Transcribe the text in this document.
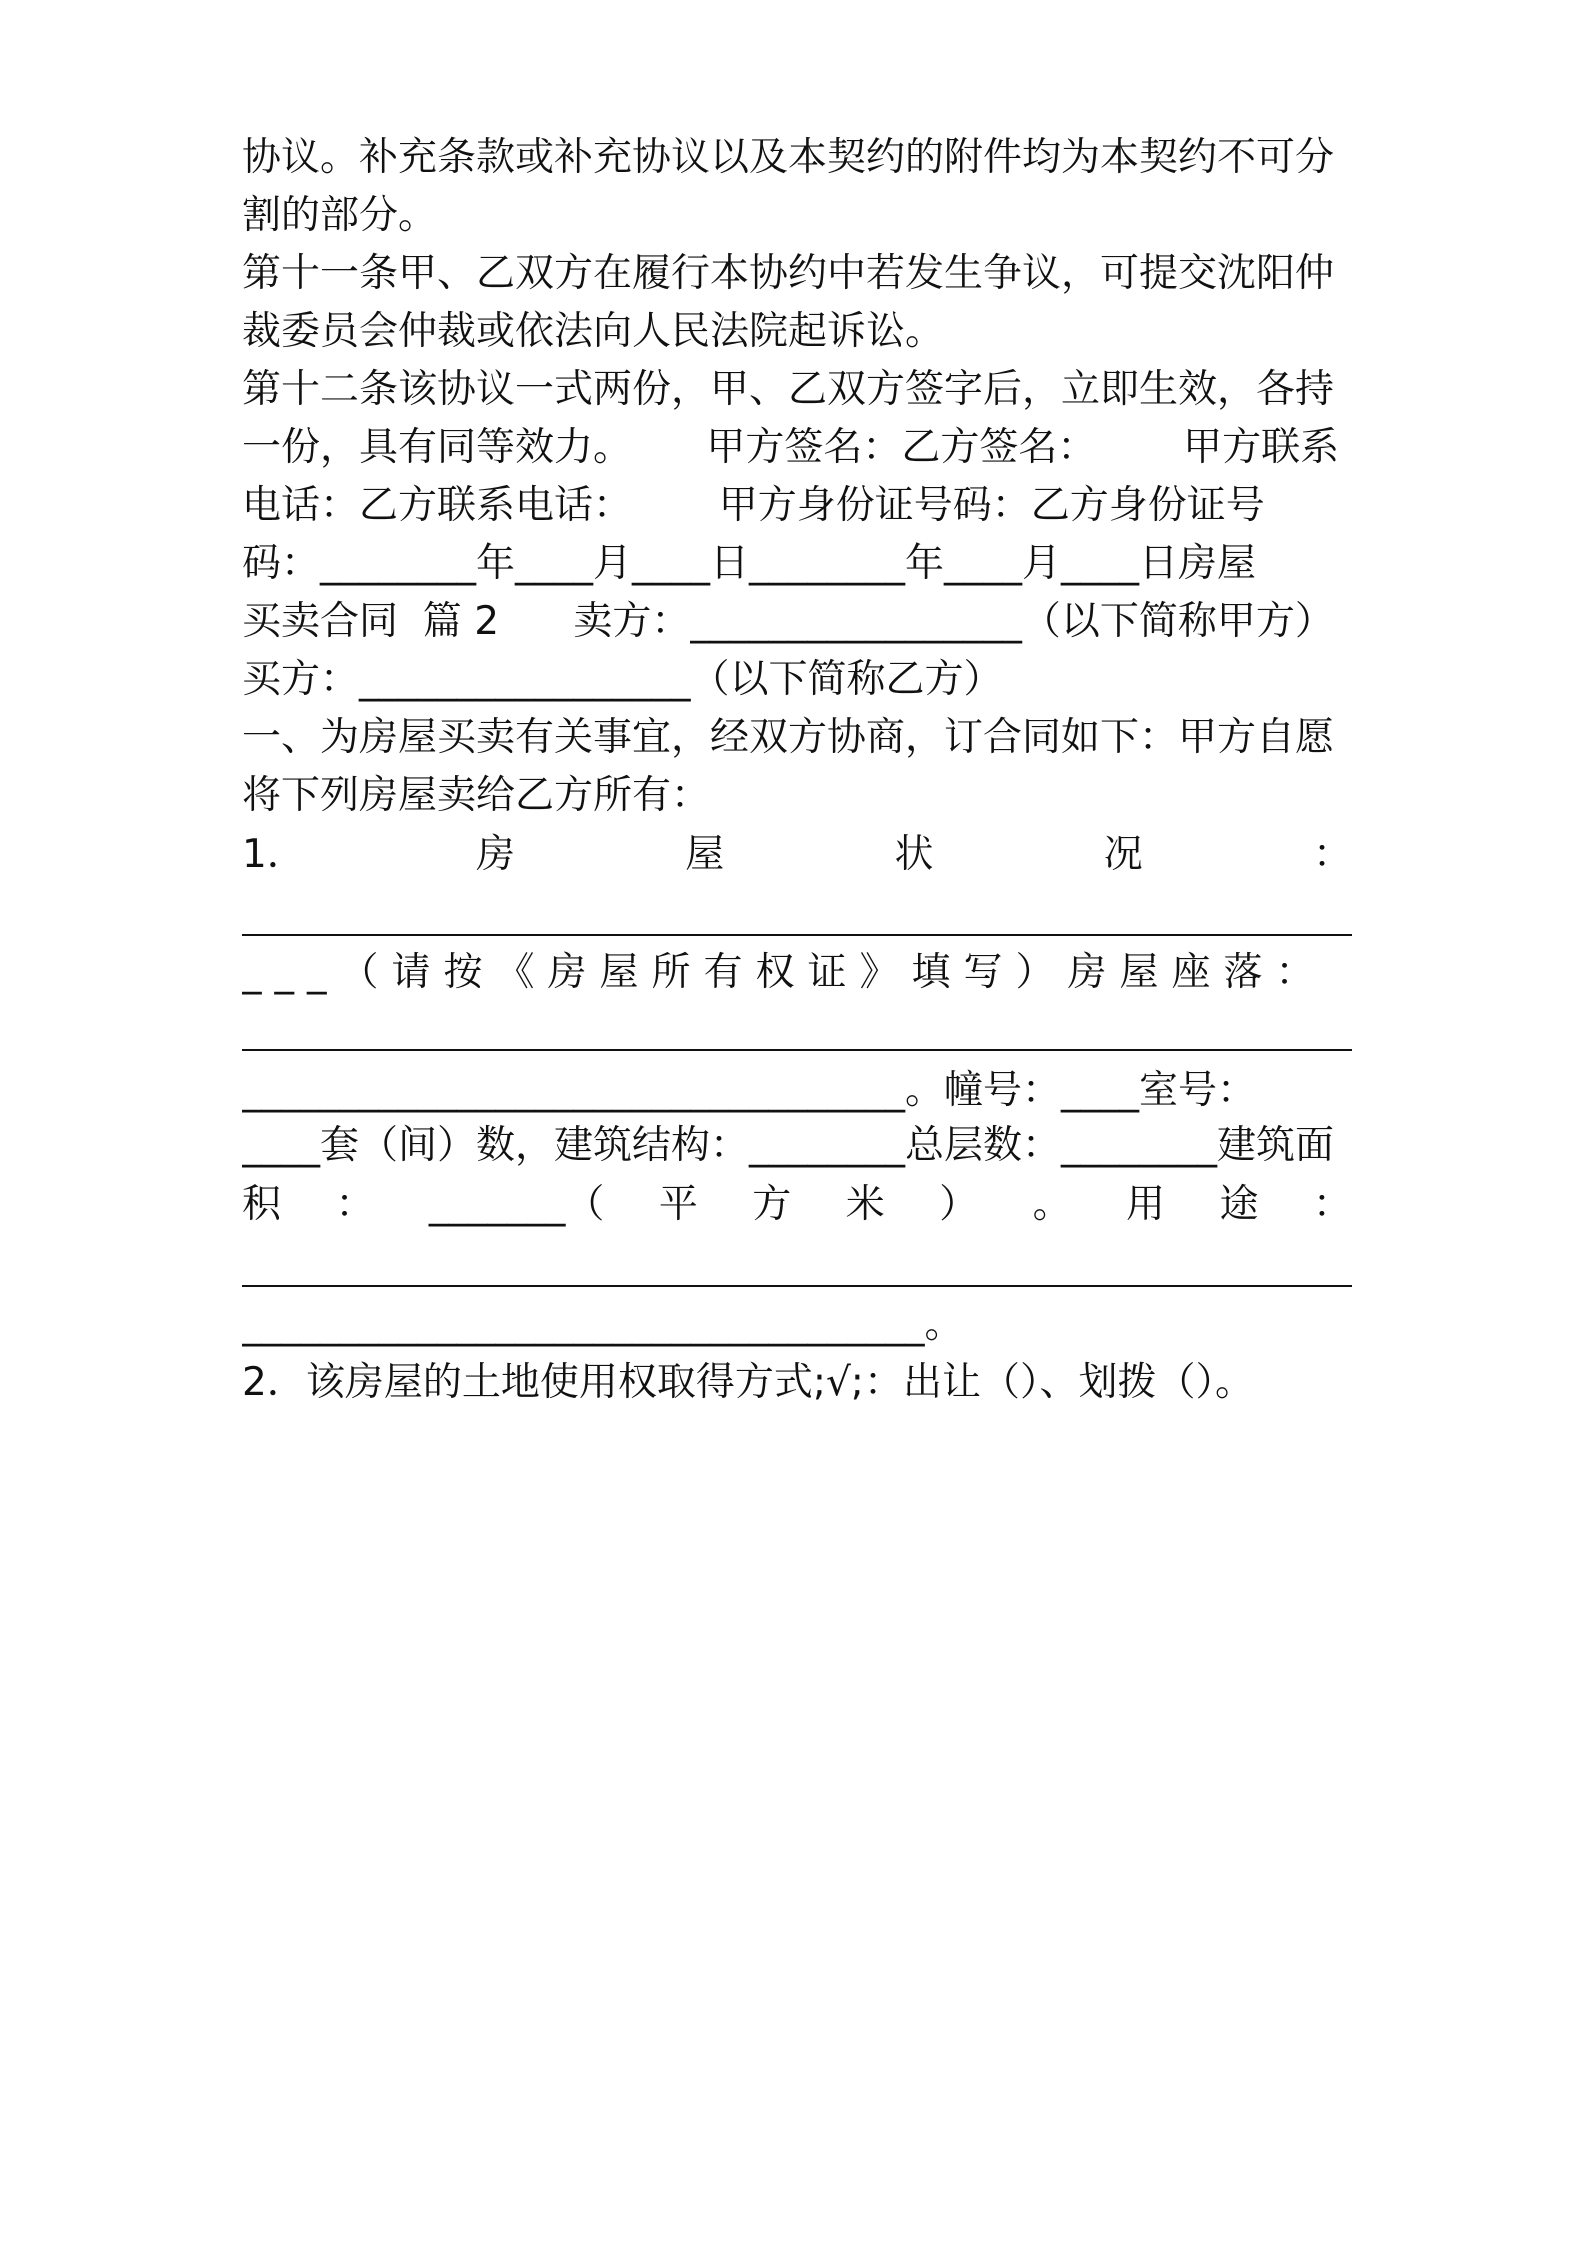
协议。补充条款或补充协议以及本契约的附件均为本契约不可分
割的部分。
第十一条甲、乙双方在履行本协约中若发生争议，可提交沈阳仲
裁委员会仲裁或依法向人民法院起诉讼。
第十二条该协议一式两份，甲、乙双方签字后，立即生效，各持
一份，具有同等效力。      甲方签名：乙方签名：       甲方联系
电话：乙方联系电话：       甲方身份证号码：乙方身份证号
码：________年____月____日________年____月____日房屋
买卖合同  篇 2      卖方：_________________（以下简称甲方）
买方：_________________（以下简称乙方）
一、为房屋买卖有关事宜，经双方协商，订合同如下：甲方自愿
将下列房屋卖给乙方所有：
1．	房	屋	状	况	：
___（请按《房屋所有权证》填写）房屋座落：
__________________________________。幢号：____室号：
____套（间）数，建筑结构：________总层数：________建筑面
积 ： _______（ 平 方 米 ） 。 用 途 ：
___________________________________。
2．该房屋的土地使用权取得方式;√;：出让（）、划拨（）。
